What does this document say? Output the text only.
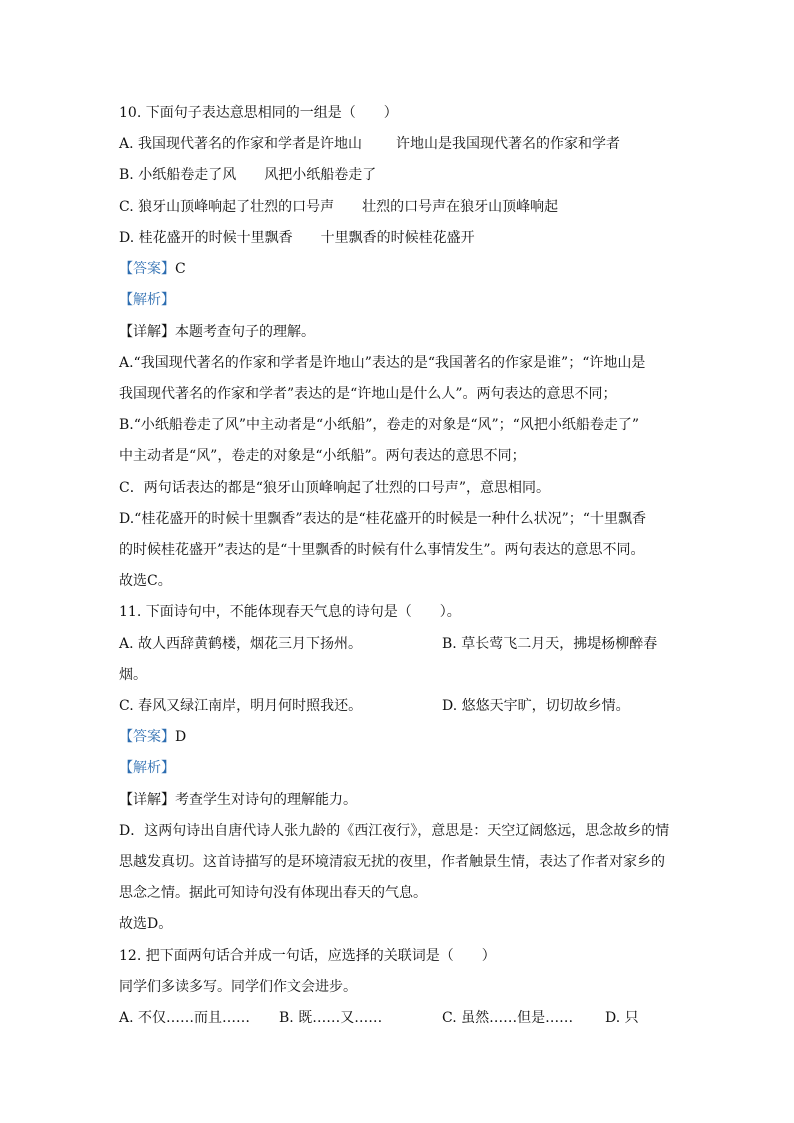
10. 下面句子表达意思相同的一组是（　　）
A. 我国现代著名的作家和学者是许地山 许地山是我国现代著名的作家和学者
B. 小纸船卷走了风 风把小纸船卷走了
C. 狼牙山顶峰响起了壮烈的口号声 壮烈的口号声在狼牙山顶峰响起
D. 桂花盛开的时候十里飘香 十里飘香的时候桂花盛开
【答案】C
【解析】
【详解】本题考查句子的理解。
A.“我国现代著名的作家和学者是许地山”表达的是“我国著名的作家是谁”；“许地山是
我国现代著名的作家和学者”表达的是“许地山是什么人”。两句表达的意思不同；
B.“小纸船卷走了风”中主动者是“小纸船”，卷走的对象是“风”；“风把小纸船卷走了”
中主动者是“风”，卷走的对象是“小纸船”。两句表达的意思不同；
C．两句话表达的都是“狼牙山顶峰响起了壮烈的口号声”，意思相同。
D.“桂花盛开的时候十里飘香”表达的是“桂花盛开的时候是一种什么状况”；“十里飘香
的时候桂花盛开”表达的是“十里飘香的时候有什么事情发生”。两句表达的意思不同。
故选C。
11. 下面诗句中，不能体现春天气息的诗句是（　　）。
A. 故人西辞黄鹤楼，烟花三月下扬州。	B. 草长莺飞二月天，拂堤杨柳醉春
烟。
C. 春风又绿江南岸，明月何时照我还。	D. 悠悠天宇旷，切切故乡情。
【答案】D
【解析】
【详解】考查学生对诗句的理解能力。
D．这两句诗出自唐代诗人张九龄的《西江夜行》，意思是：天空辽阔悠远，思念故乡的情
思越发真切。这首诗描写的是环境清寂无扰的夜里，作者触景生情，表达了作者对家乡的
思念之情。据此可知诗句没有体现出春天的气息。
故选D。
12. 把下面两句话合并成一句话，应选择的关联词是（　　）
同学们多读多写。同学们作文会进步。
A. 不仅……而且…… B. 既……又……	C. 虽然……但是…… D. 只
